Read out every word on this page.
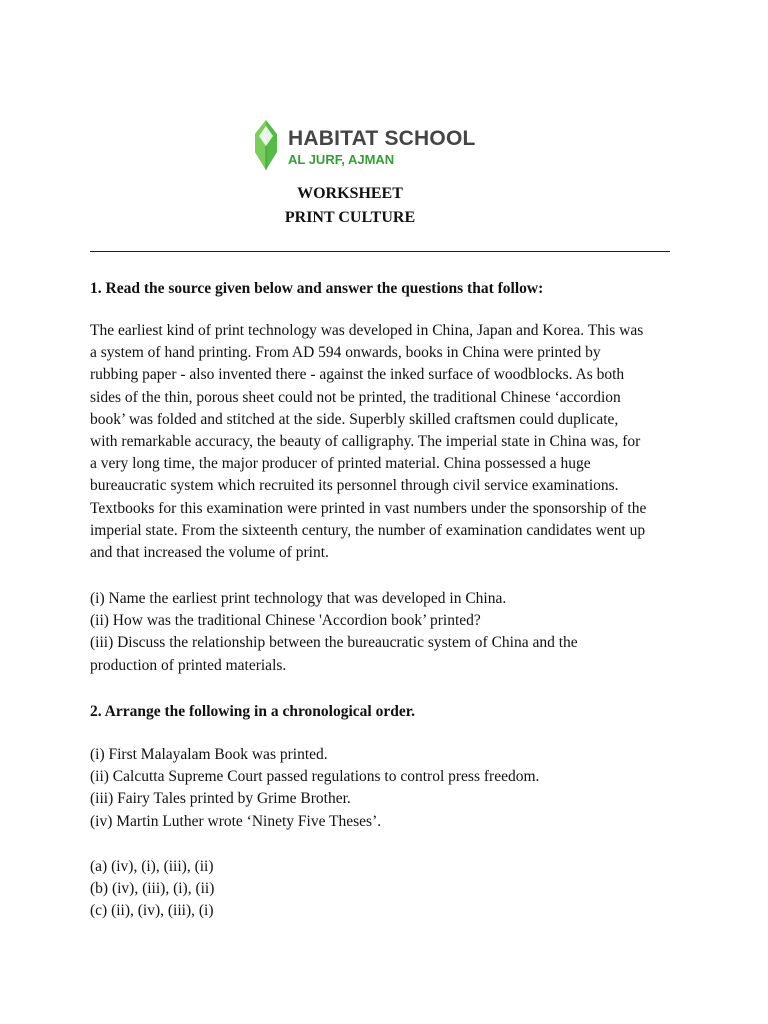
HABITAT SCHOOL
AL JURF, AJMAN
WORKSHEET
PRINT CULTURE
1. Read the source given below and answer the questions that follow:
The earliest kind of print technology was developed in China, Japan and Korea. This was
a system of hand printing. From AD 594 onwards, books in China were printed by
rubbing paper - also invented there - against the inked surface of woodblocks. As both
sides of the thin, porous sheet could not be printed, the traditional Chinese ‘accordion
book’ was folded and stitched at the side. Superbly skilled craftsmen could duplicate,
with remarkable accuracy, the beauty of calligraphy. The imperial state in China was, for
a very long time, the major producer of printed material. China possessed a huge
bureaucratic system which recruited its personnel through civil service examinations.
Textbooks for this examination were printed in vast numbers under the sponsorship of the
imperial state. From the sixteenth century, the number of examination candidates went up
and that increased the volume of print.
(i) Name the earliest print technology that was developed in China.
(ii) How was the traditional Chinese 'Accordion book’ printed?
(iii) Discuss the relationship between the bureaucratic system of China and the
production of printed materials.
2. Arrange the following in a chronological order.
(i) First Malayalam Book was printed.
(ii) Calcutta Supreme Court passed regulations to control press freedom.
(iii) Fairy Tales printed by Grime Brother.
(iv) Martin Luther wrote ‘Ninety Five Theses’.
(a) (iv), (i), (iii), (ii)
(b) (iv), (iii), (i), (ii)
(c) (ii), (iv), (iii), (i)
